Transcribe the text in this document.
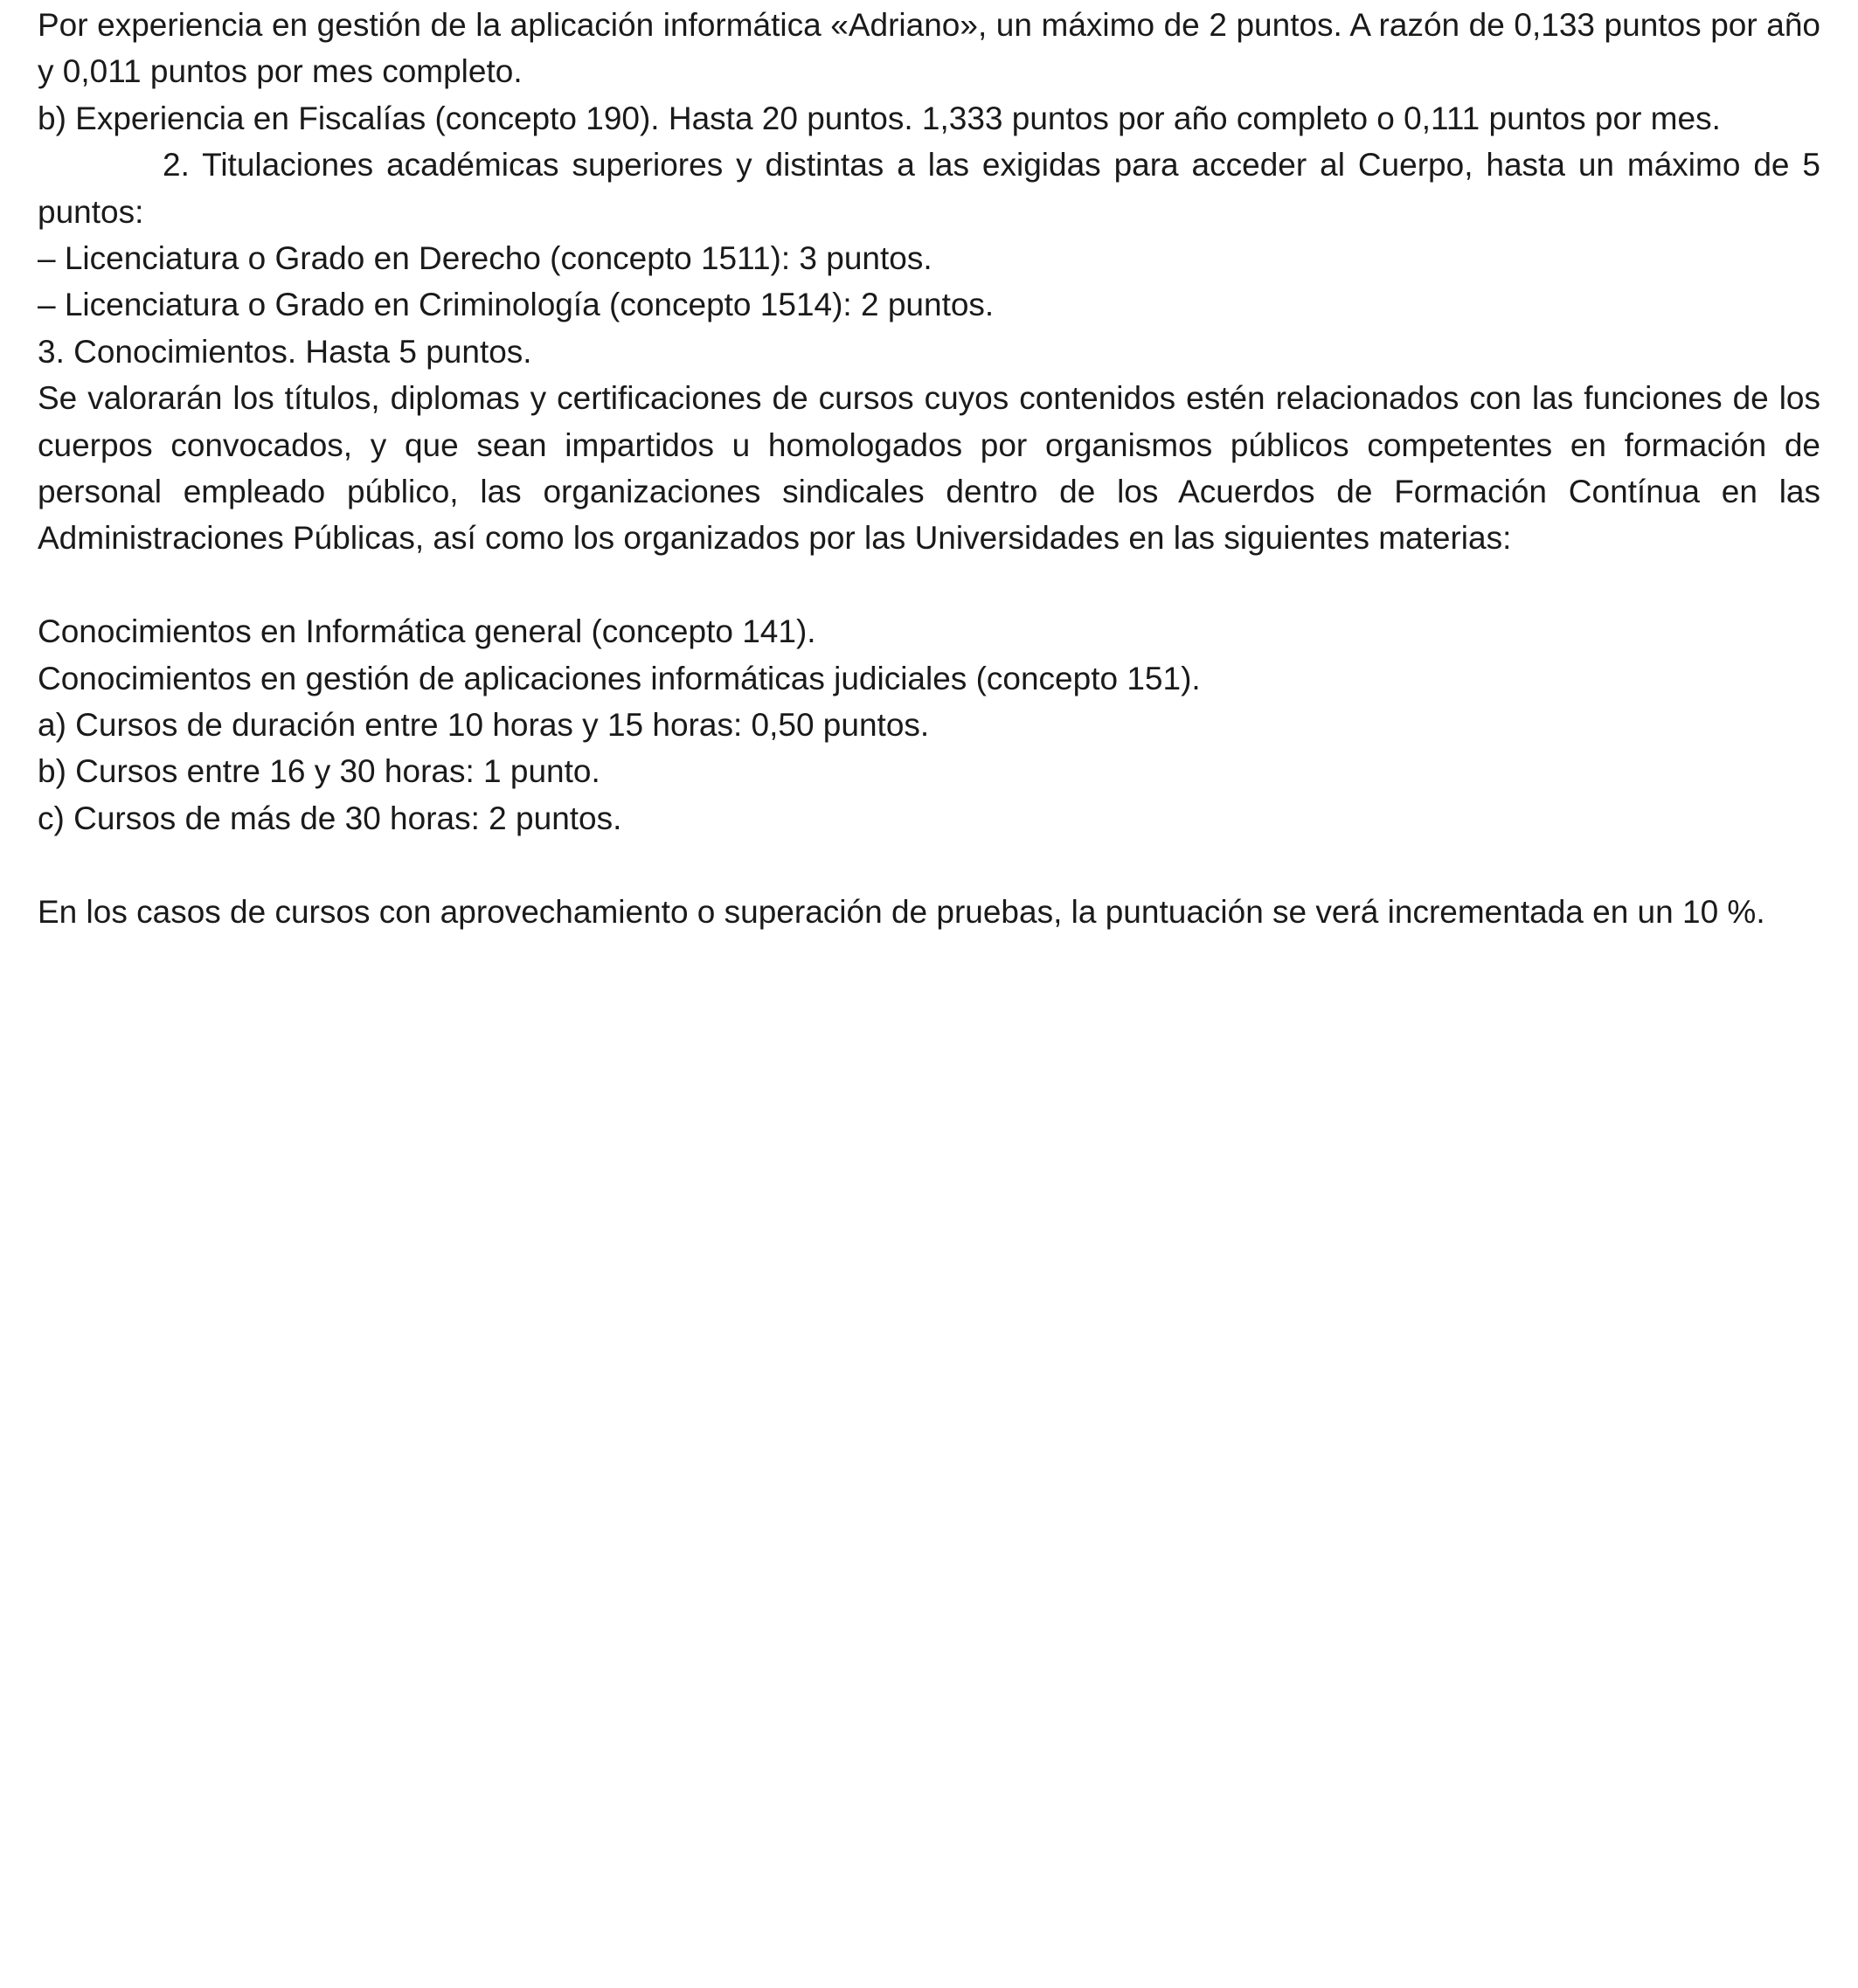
Por experiencia en gestión de la aplicación informática «Adriano», un máximo de 2 puntos. A razón de 0,133 puntos por año y 0,011 puntos por mes completo.

b) Experiencia en Fiscalías (concepto 190). Hasta 20 puntos. 1,333 puntos por año completo o 0,111 puntos por mes.

2. Titulaciones académicas superiores y distintas a las exigidas para acceder al Cuerpo, hasta un máximo de 5 puntos:

– Licenciatura o Grado en Derecho (concepto 1511): 3 puntos.

– Licenciatura o Grado en Criminología (concepto 1514): 2 puntos.

3. Conocimientos. Hasta 5 puntos.

Se valorarán los títulos, diplomas y certificaciones de cursos cuyos contenidos estén relacionados con las funciones de los cuerpos convocados, y que sean impartidos u homologados por organismos públicos competentes en formación de personal empleado público, las organizaciones sindicales dentro de los Acuerdos de Formación Contínua en las Administraciones Públicas, así como los organizados por las Universidades en las siguientes materias:

Conocimientos en Informática general (concepto 141).

Conocimientos en gestión de aplicaciones informáticas judiciales (concepto 151).

a) Cursos de duración entre 10 horas y 15 horas: 0,50 puntos.

b) Cursos entre 16 y 30 horas: 1 punto.

c) Cursos de más de 30 horas: 2 puntos.

En los casos de cursos con aprovechamiento o superación de pruebas, la puntuación se verá incrementada en un 10 %.
